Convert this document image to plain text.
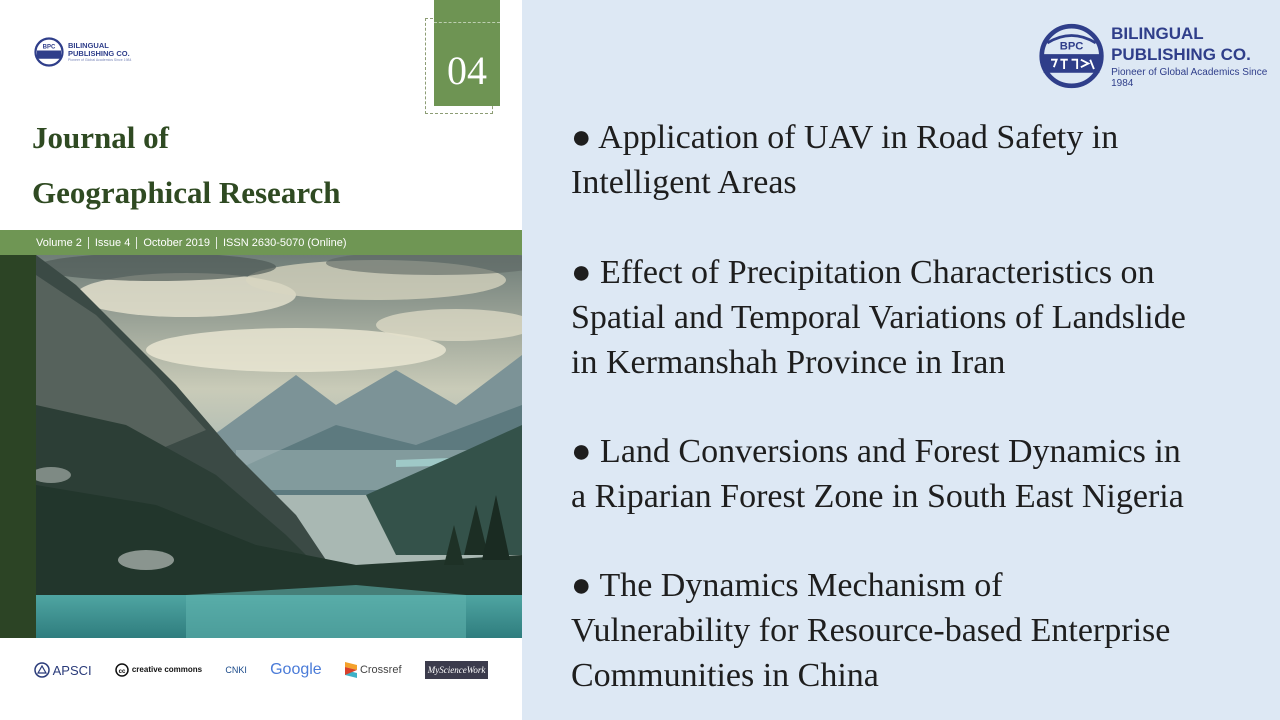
BPC BILINGUAL
PUBLISHING CO.
Pioneer of Global Academics Since 1984	04
Journal of
Geographical Research
Volume 2 Issue 4 October 2019 ISSN 2630-5070 (Online)
APSCI	cc creative commons	CNKI Google	Crossref	MyScienceWork
BPC
BILINGUAL
PUBLISHING CO.
Pioneer of Global Academics Since 1984
● Application of UAV in Road Safety in
Intelligent Areas
● Effect of Precipitation Characteristics on
Spatial and Temporal Variations of Landslide
in Kermanshah Province in Iran
● Land Conversions and Forest Dynamics in
a Riparian Forest Zone in South East Nigeria
● The Dynamics Mechanism of
Vulnerability for Resource-based Enterprise
Communities in China
